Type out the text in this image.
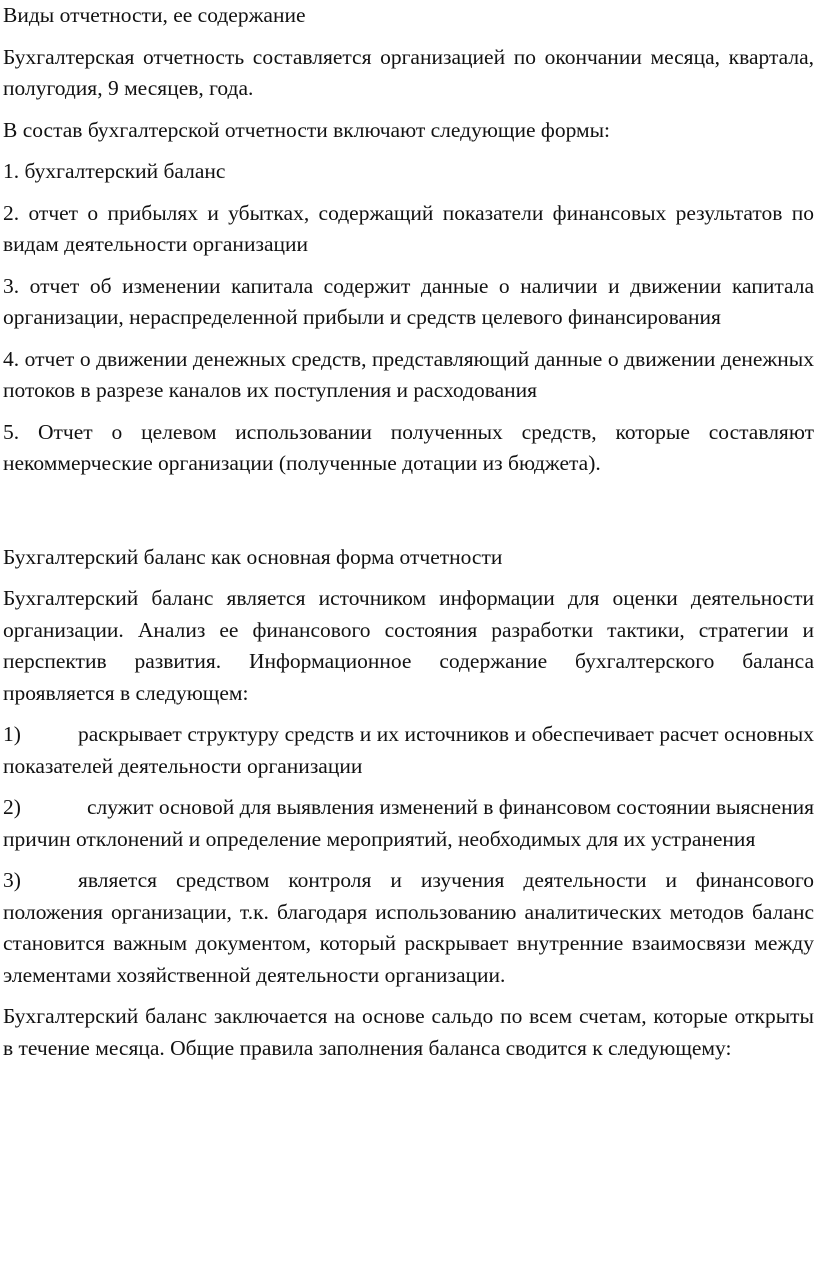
Виды отчетности, ее содержание

Бухгалтерская отчетность составляется организацией по окончании месяца, квартала, полугодия, 9 месяцев, года.

В состав бухгалтерской отчетности включают следующие формы:

1. бухгалтерский баланс

2. отчет о прибылях и убытках, содержащий показатели финансовых результатов по видам деятельности организации

3. отчет об изменении капитала содержит данные о наличии и движении капитала организации, нераспределенной прибыли и средств целевого финансирования

4. отчет о движении денежных средств, представляющий данные о движении денежных потоков в разрезе каналов их поступления и расходования

5. Отчет о целевом использовании полученных средств, которые составляют некоммерческие организации (полученные дотации из бюджета).

Бухгалтерский баланс как основная форма отчетности

Бухгалтерский баланс является источником информации для оценки деятельности организации. Анализ ее финансового состояния разработки тактики, стратегии и перспектив развития. Информационное содержание бухгалтерского баланса проявляется в следующем:

1)	раскрывает структуру средств и их источников и обеспечивает расчет основных показателей деятельности организации

2)	служит основой для выявления изменений в финансовом состоянии выяснения причин отклонений и определение мероприятий, необходимых для их устранения

3)	является средством контроля и изучения деятельности и финансового положения организации, т.к. благодаря использованию аналитических методов баланс становится важным документом, который раскрывает внутренние взаимосвязи между элементами хозяйственной деятельности организации.

Бухгалтерский баланс заключается на основе сальдо по всем счетам, которые открыты в течение месяца. Общие правила заполнения баланса сводится к следующему:
